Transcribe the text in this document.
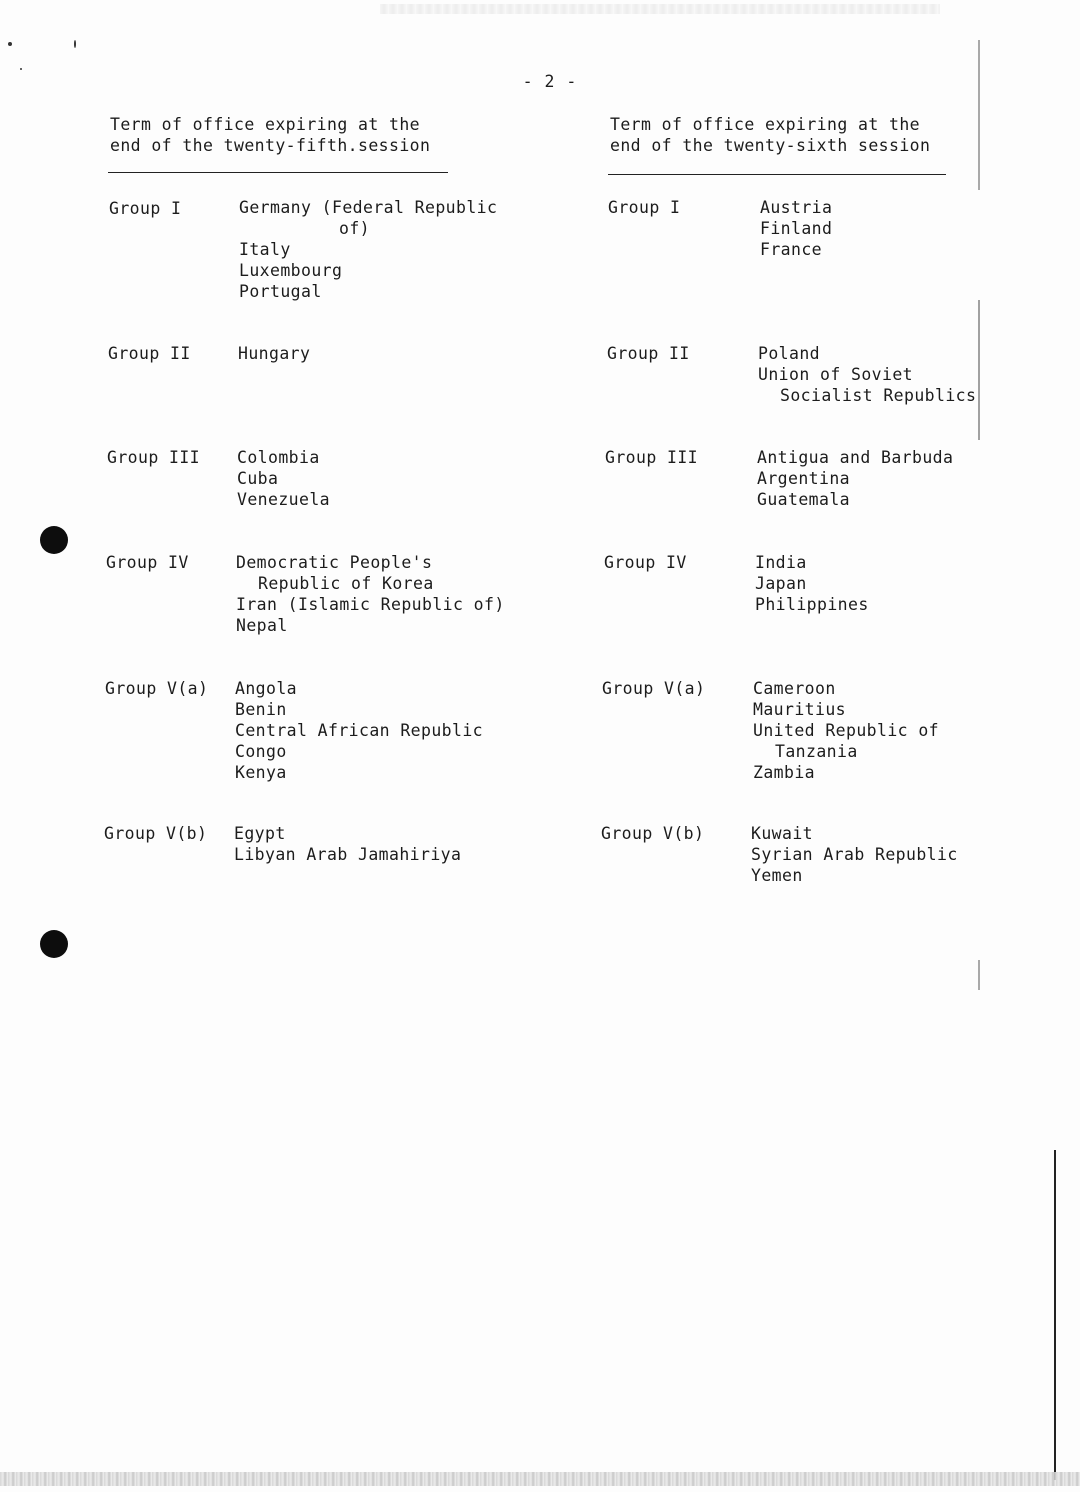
- 2 -
Term of office expiring at the
end of the twenty-fifth.session
Term of office expiring at the
end of the twenty-sixth session
Group I	Germany (Federal Republic
of)
Italy
Luxembourg
Portugal
Group II	Hungary
Group III Colombia
Cuba
Venezuela
Group IV	Democratic People's
Republic of Korea
Iran (Islamic Republic of)
Nepal
Group V(a) Angola
Benin
Central African Republic
Congo
Kenya
Group V(b) Egypt
Libyan Arab Jamahiriya
Group I	Austria
Finland
France
Group II	Poland
Union of Soviet
Socialist Republics
Group III	Antigua and Barbuda
Argentina
Guatemala
Group IV	India
Japan
Philippines
Group V(a)	Cameroon
Mauritius
United Republic of
Tanzania
Zambia
Group V(b)	Kuwait
Syrian Arab Republic
Yemen
